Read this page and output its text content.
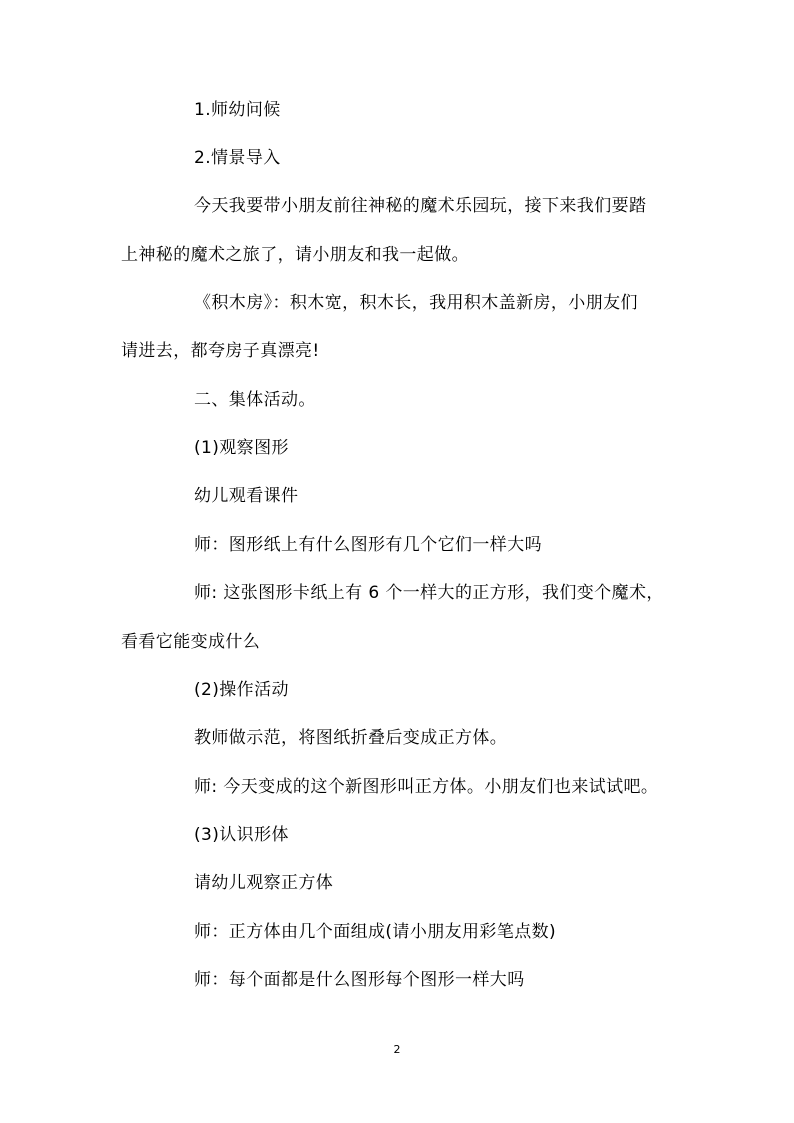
1.师幼问候
2.情景导入
今天我要带小朋友前往神秘的魔术乐园玩，接下来我们要踏
上神秘的魔术之旅了，请小朋友和我一起做。
《积木房》：积木宽，积木长，我用积木盖新房，小朋友们
请进去，都夸房子真漂亮!
二、集体活动。
(1)观察图形
幼儿观看课件
师：图形纸上有什么图形有几个它们一样大吗
师: 这张图形卡纸上有 6 个一样大的正方形，我们变个魔术，
看看它能变成什么
(2)操作活动
教师做示范，将图纸折叠后变成正方体。
师: 今天变成的这个新图形叫正方体。小朋友们也来试试吧。
(3)认识形体
请幼儿观察正方体
师：正方体由几个面组成(请小朋友用彩笔点数)
师：每个面都是什么图形每个图形一样大吗
2
